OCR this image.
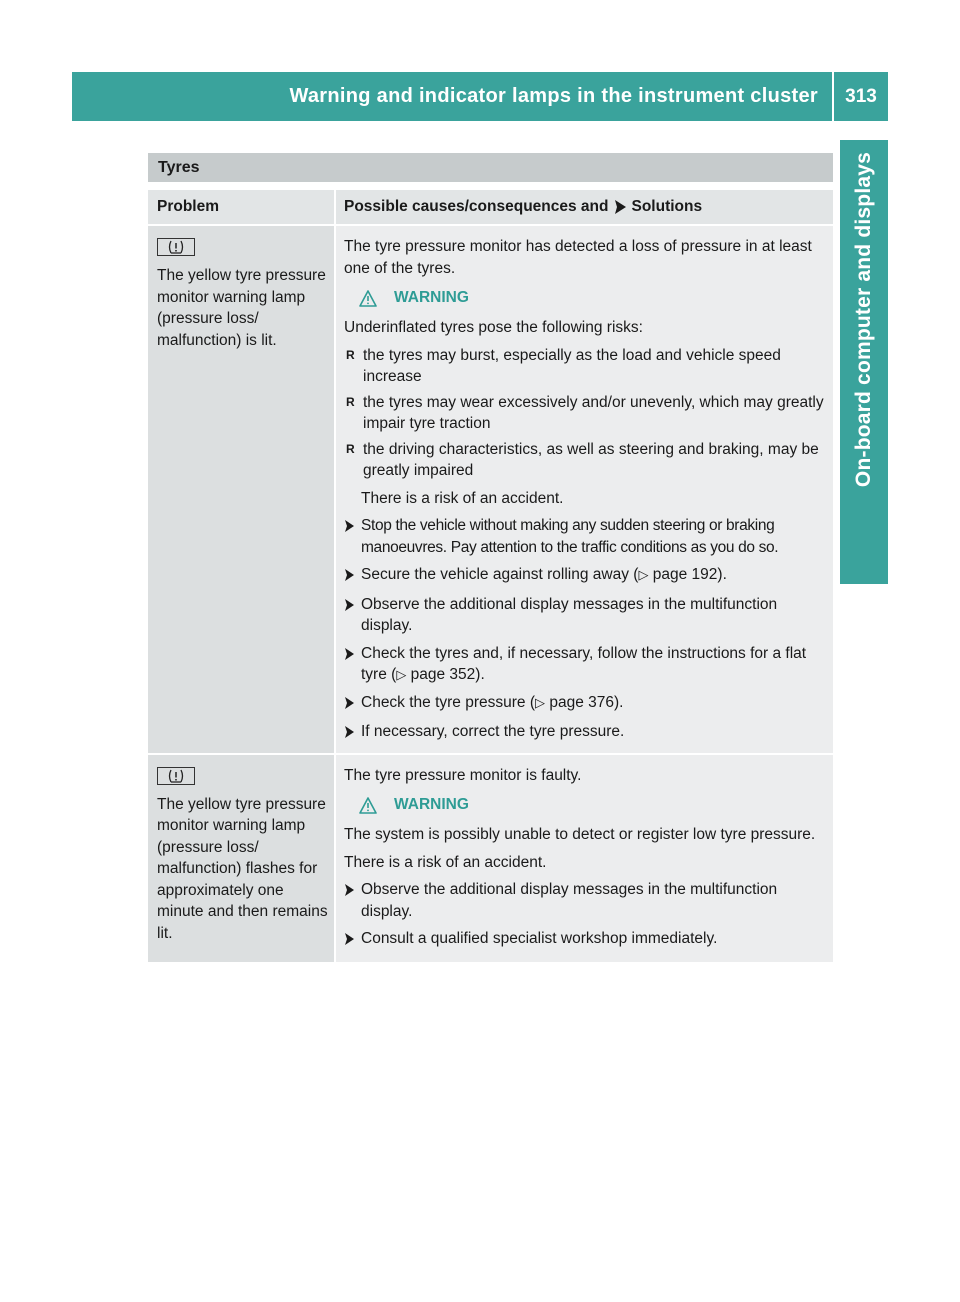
Warning and indicator lamps in the instrument cluster	313
On-board computer and displays
Tyres
Problem	Possible causes/consequences and Solutions

The yellow tyre pressure monitor warning lamp (pressure loss/ malfunction) is lit.

The tyre pressure monitor has detected a loss of pressure in at least one of the tyres.

WARNING

Underinflated tyres pose the following risks:

R the tyres may burst, especially as the load and vehicle speed increase
R the tyres may wear excessively and/or unevenly, which may greatly impair tyre traction
R the driving characteristics, as well as steering and braking, may be greatly impaired

There is a risk of an accident.

Stop the vehicle without making any sudden steering or braking manoeuvres. Pay attention to the traffic conditions as you do so.
Secure the vehicle against rolling away (▷ page 192).
Observe the additional display messages in the multifunction display.
Check the tyres and, if necessary, follow the instructions for a flat tyre (▷ page 352).
Check the tyre pressure (▷ page 376).
If necessary, correct the tyre pressure.

The yellow tyre pressure monitor warning lamp (pressure loss/ malfunction) flashes for approximately one minute and then remains lit.

The tyre pressure monitor is faulty.

WARNING

The system is possibly unable to detect or register low tyre pressure.

There is a risk of an accident.

Observe the additional display messages in the multifunction display.
Consult a qualified specialist workshop immediately.
